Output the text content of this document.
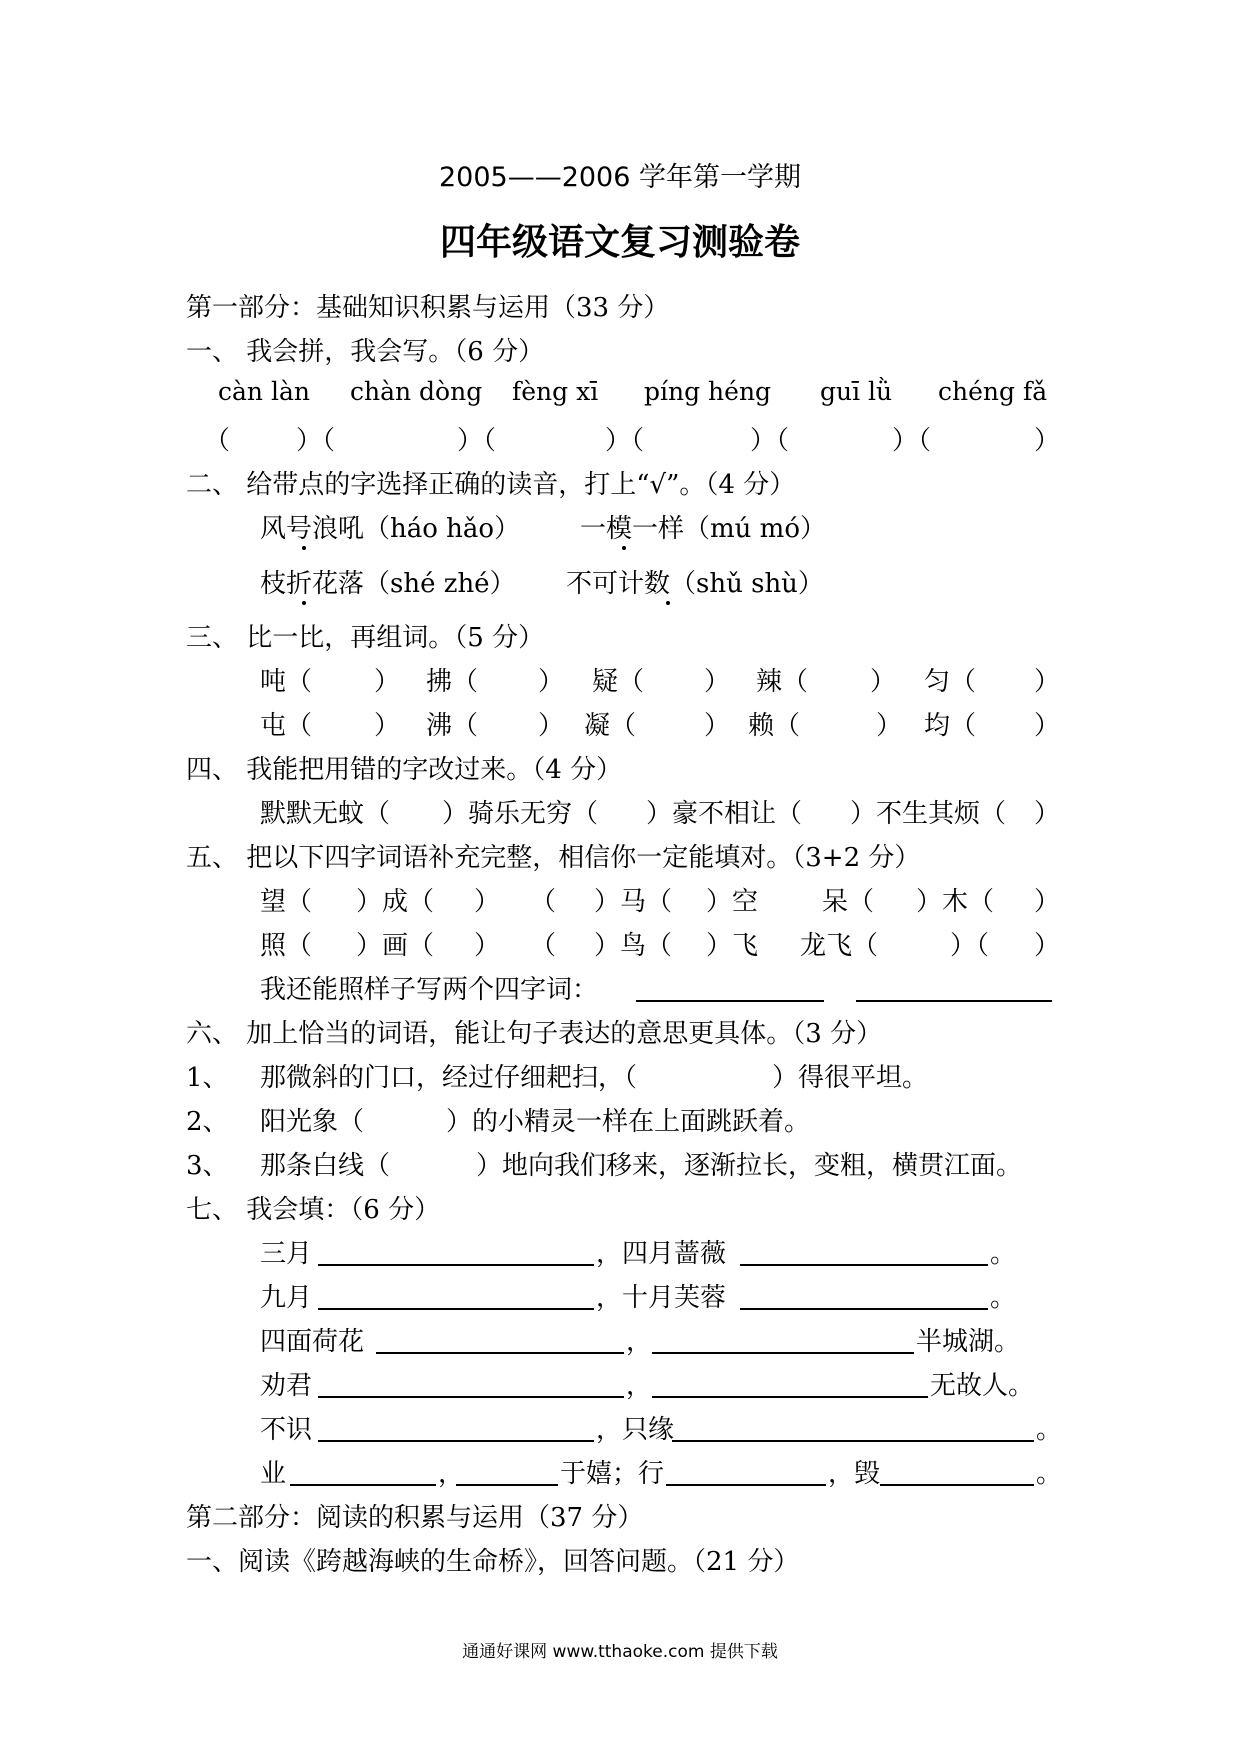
2005——2006 学年第一学期
四年级语文复习测验卷
第一部分：基础知识积累与运用（33 分）
一、 我会拼，我会写。（6 分）
càn làn chàn dòng fèng xī píng héng guī lǜ chéng fǎ
（	）（	）（	）（	）（	）（	）
二、 给带点的字选择正确的读音，打上“√”。（4 分）
风号浪吼（háo hǎo） 一模一样（mú mó）
枝折花落（shé zhé） 不可计数（shǔ shù）
三、 比一比，再组词。（5 分）
吨（ ） 拂（ ） 疑（ ） 辣（ ） 匀（ ）
屯（ ） 沸（ ） 凝（	） 赖（	） 均（ ）
四、 我能把用错的字改过来。（4 分）
默默无蚊（ ）骑乐无穷（ ）豪不相让（ ）不生其烦（ ）
五、 把以下四字词语补充完整，相信你一定能填对。（3+2 分）
望（ ）成（ ） （ ）马（ ）空 呆（ ）木（ ）
照（ ）画（ ） （ ）鸟（ ）飞 龙飞（	）（ ）
我还能照样子写两个四字词：
六、 加上恰当的词语，能让句子表达的意思更具体。（3 分）
1、 那微斜的门口，经过仔细耙扫，（	）得很平坦。
2、 阳光象（	）的小精灵一样在上面跳跃着。
3、 那条白线（	）地向我们移来，逐渐拉长，变粗，横贯江面。
七、 我会填：（6 分）
三月	，四月蔷薇	。
九月	，十月芙蓉	。
四面荷花	，	半城湖。
劝君	，	无故人。
不识	，只缘	。
业	，	于嬉；行	，毁	。
第二部分：阅读的积累与运用（37 分）
一、阅读《跨越海峡的生命桥》，回答问题。（21 分）
通通好课网 www.tthaoke.com 提供下载
